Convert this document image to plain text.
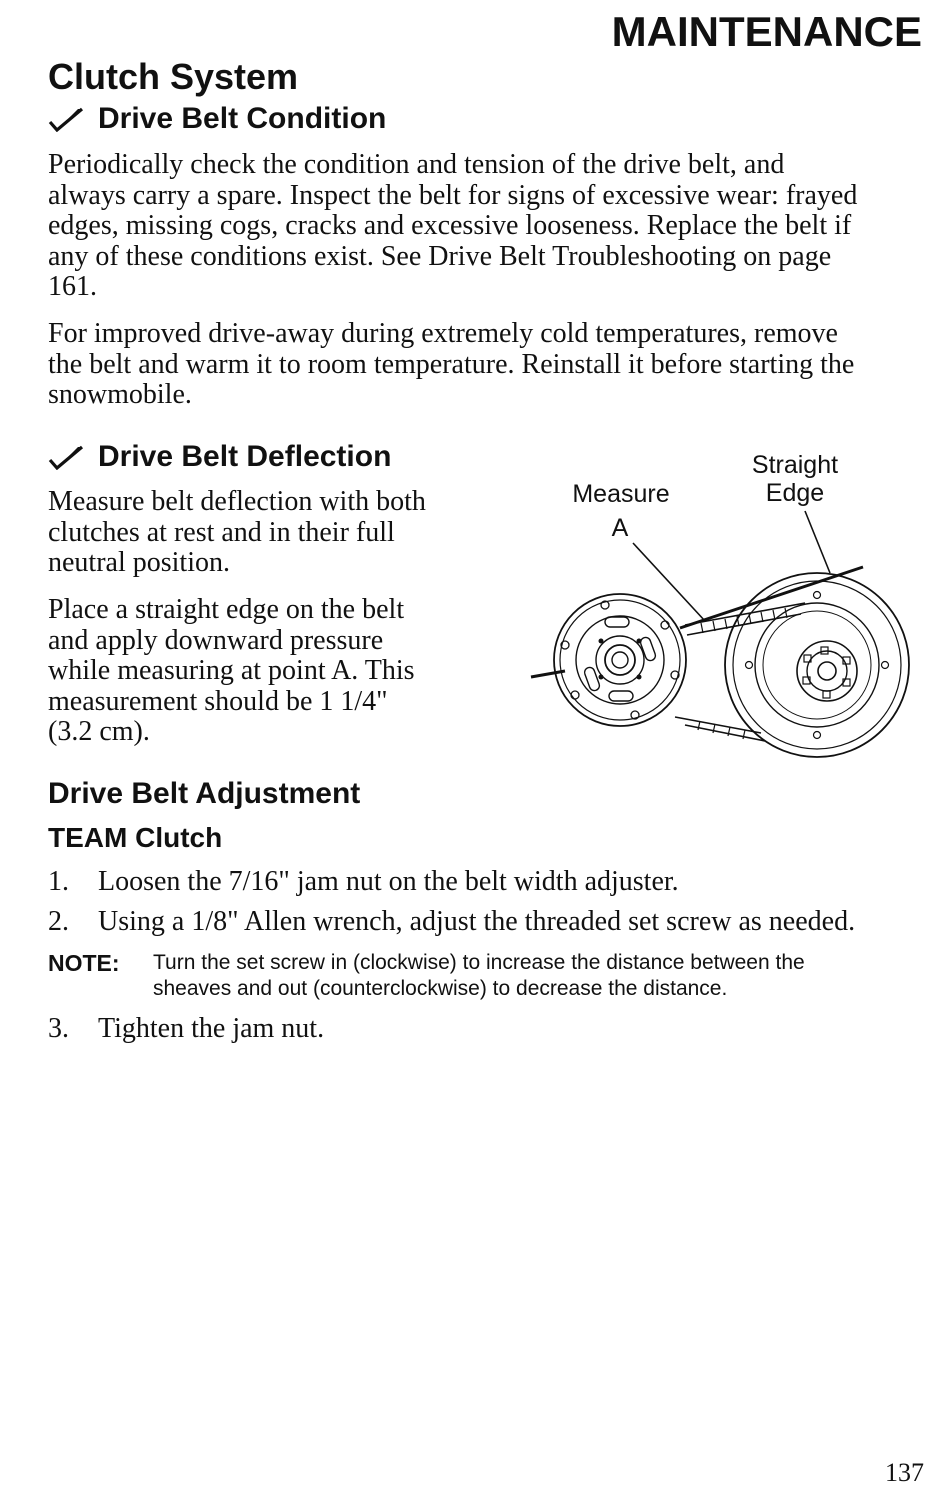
MAINTENANCE
Clutch System
Drive Belt Condition

Periodically check the condition and tension of the drive belt, and
always carry a spare. Inspect the belt for signs of excessive wear: frayed
edges, missing cogs, cracks and excessive looseness. Replace the belt if
any of these conditions exist. See Drive Belt Troubleshooting on page
161.

For improved drive-away during extremely cold temperatures, remove
the belt and warm it to room temperature. Reinstall it before starting the
snowmobile.

Drive Belt Deflection

Measure belt deflection with both
clutches at rest and in their full
neutral position.

Place a straight edge on the belt
and apply downward pressure
while measuring at point A. This
measurement should be 1 1/4"
(3.2 cm).

Measure
A
Straight
Edge
Drive Belt Adjustment
TEAM Clutch

1.	Loosen the 7/16" jam nut on the belt width adjuster.

2.	Using a 1/8" Allen wrench, adjust the threaded set screw as needed.

NOTE:	Turn the set screw in (clockwise) to increase the distance between the
sheaves and out (counterclockwise) to decrease the distance.

3.	Tighten the jam nut.

137
